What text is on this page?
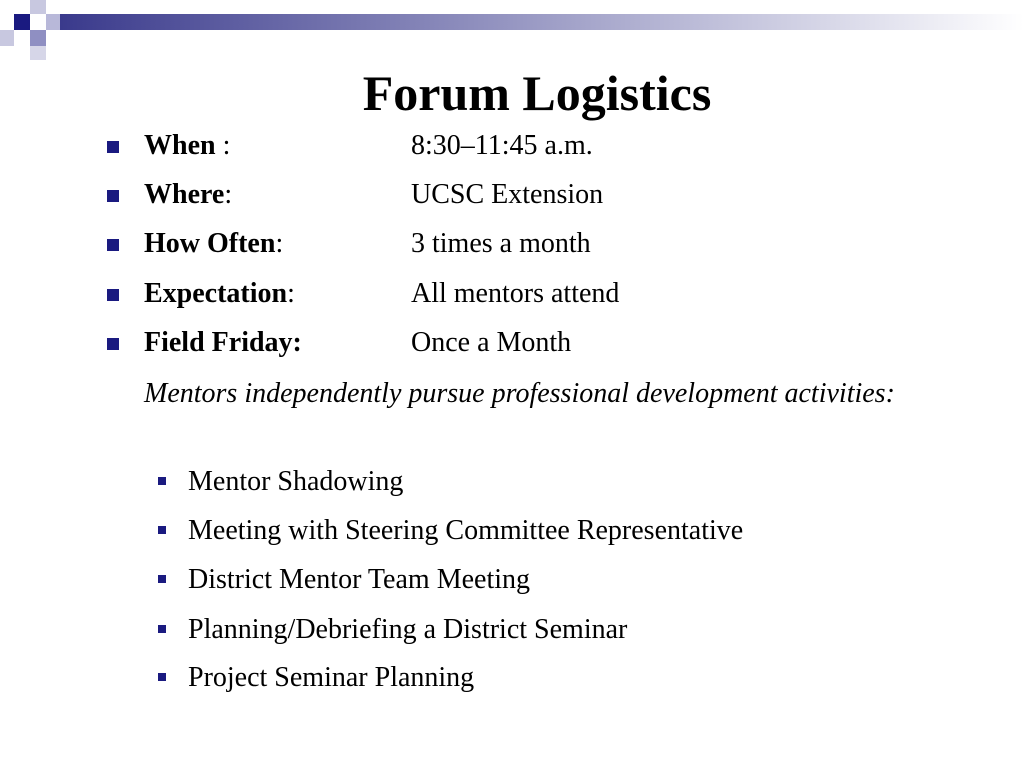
Forum Logistics
When :	8:30–11:45 a.m.
Where:	UCSC Extension
How Often:	3 times a month
Expectation:	All mentors attend
Field Friday:	Once a Month
Mentors independently pursue professional development activities:
Mentor Shadowing
Meeting with Steering Committee Representative
District Mentor Team Meeting
Planning/Debriefing a District Seminar
Project Seminar Planning
